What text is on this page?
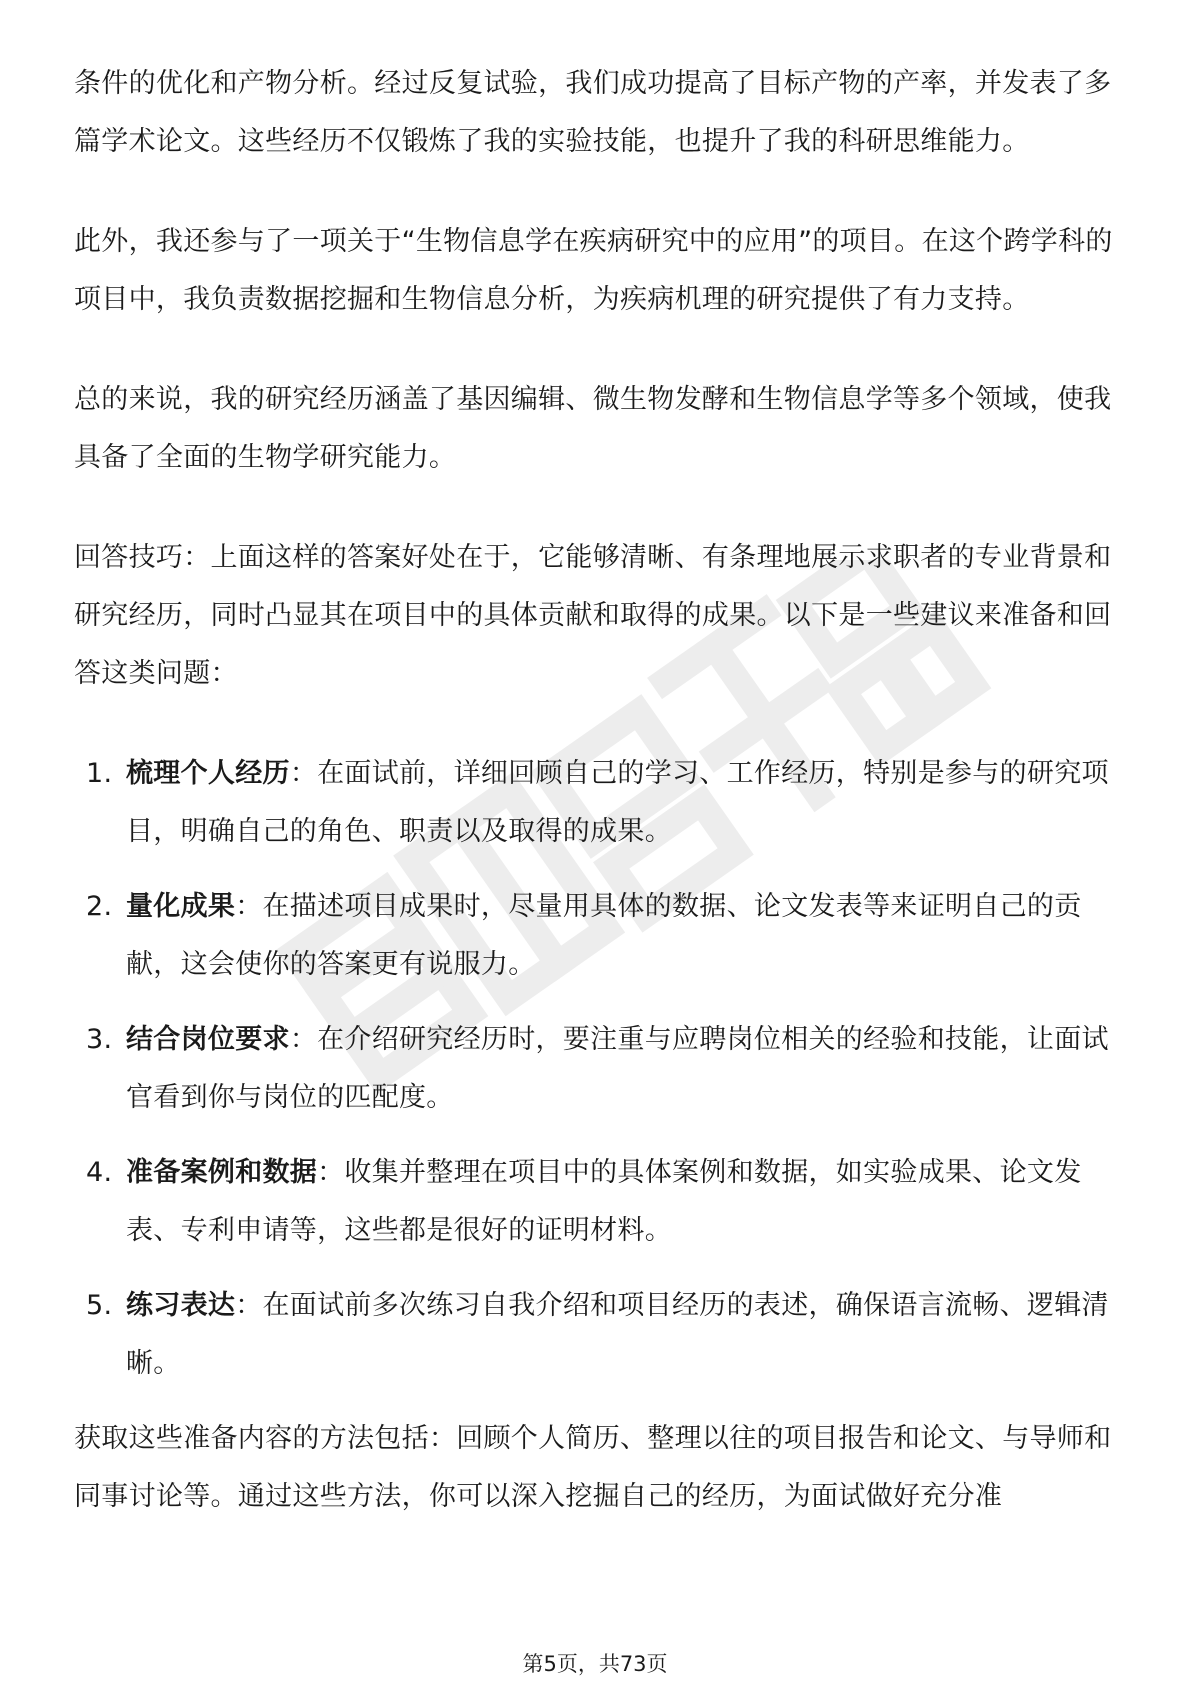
条件的优化和产物分析。经过反复试验，我们成功提高了目标产物的产率，并发表了多篇学术论文。这些经历不仅锻炼了我的实验技能，也提升了我的科研思维能力。

此外，我还参与了一项关于“生物信息学在疾病研究中的应用”的项目。在这个跨学科的项目中，我负责数据挖掘和生物信息分析，为疾病机理的研究提供了有力支持。

总的来说，我的研究经历涵盖了基因编辑、微生物发酵和生物信息学等多个领域，使我具备了全面的生物学研究能力。

回答技巧：上面这样的答案好处在于，它能够清晰、有条理地展示求职者的专业背景和研究经历，同时凸显其在项目中的具体贡献和取得的成果。以下是一些建议来准备和回答这类问题：

1. 梳理个人经历：在面试前，详细回顾自己的学习、工作经历，特别是参与的研究项目，明确自己的角色、职责以及取得的成果。
2. 量化成果：在描述项目成果时，尽量用具体的数据、论文发表等来证明自己的贡献，这会使你的答案更有说服力。
3. 结合岗位要求：在介绍研究经历时，要注重与应聘岗位相关的经验和技能，让面试官看到你与岗位的匹配度。
4. 准备案例和数据：收集并整理在项目中的具体案例和数据，如实验成果、论文发表、专利申请等，这些都是很好的证明材料。
5. 练习表达：在面试前多次练习自我介绍和项目经历的表述，确保语言流畅、逻辑清晰。

获取这些准备内容的方法包括：回顾个人简历、整理以往的项目报告和论文、与导师和同事讨论等。通过这些方法，你可以深入挖掘自己的经历，为面试做好充分准

第5页，共73页
